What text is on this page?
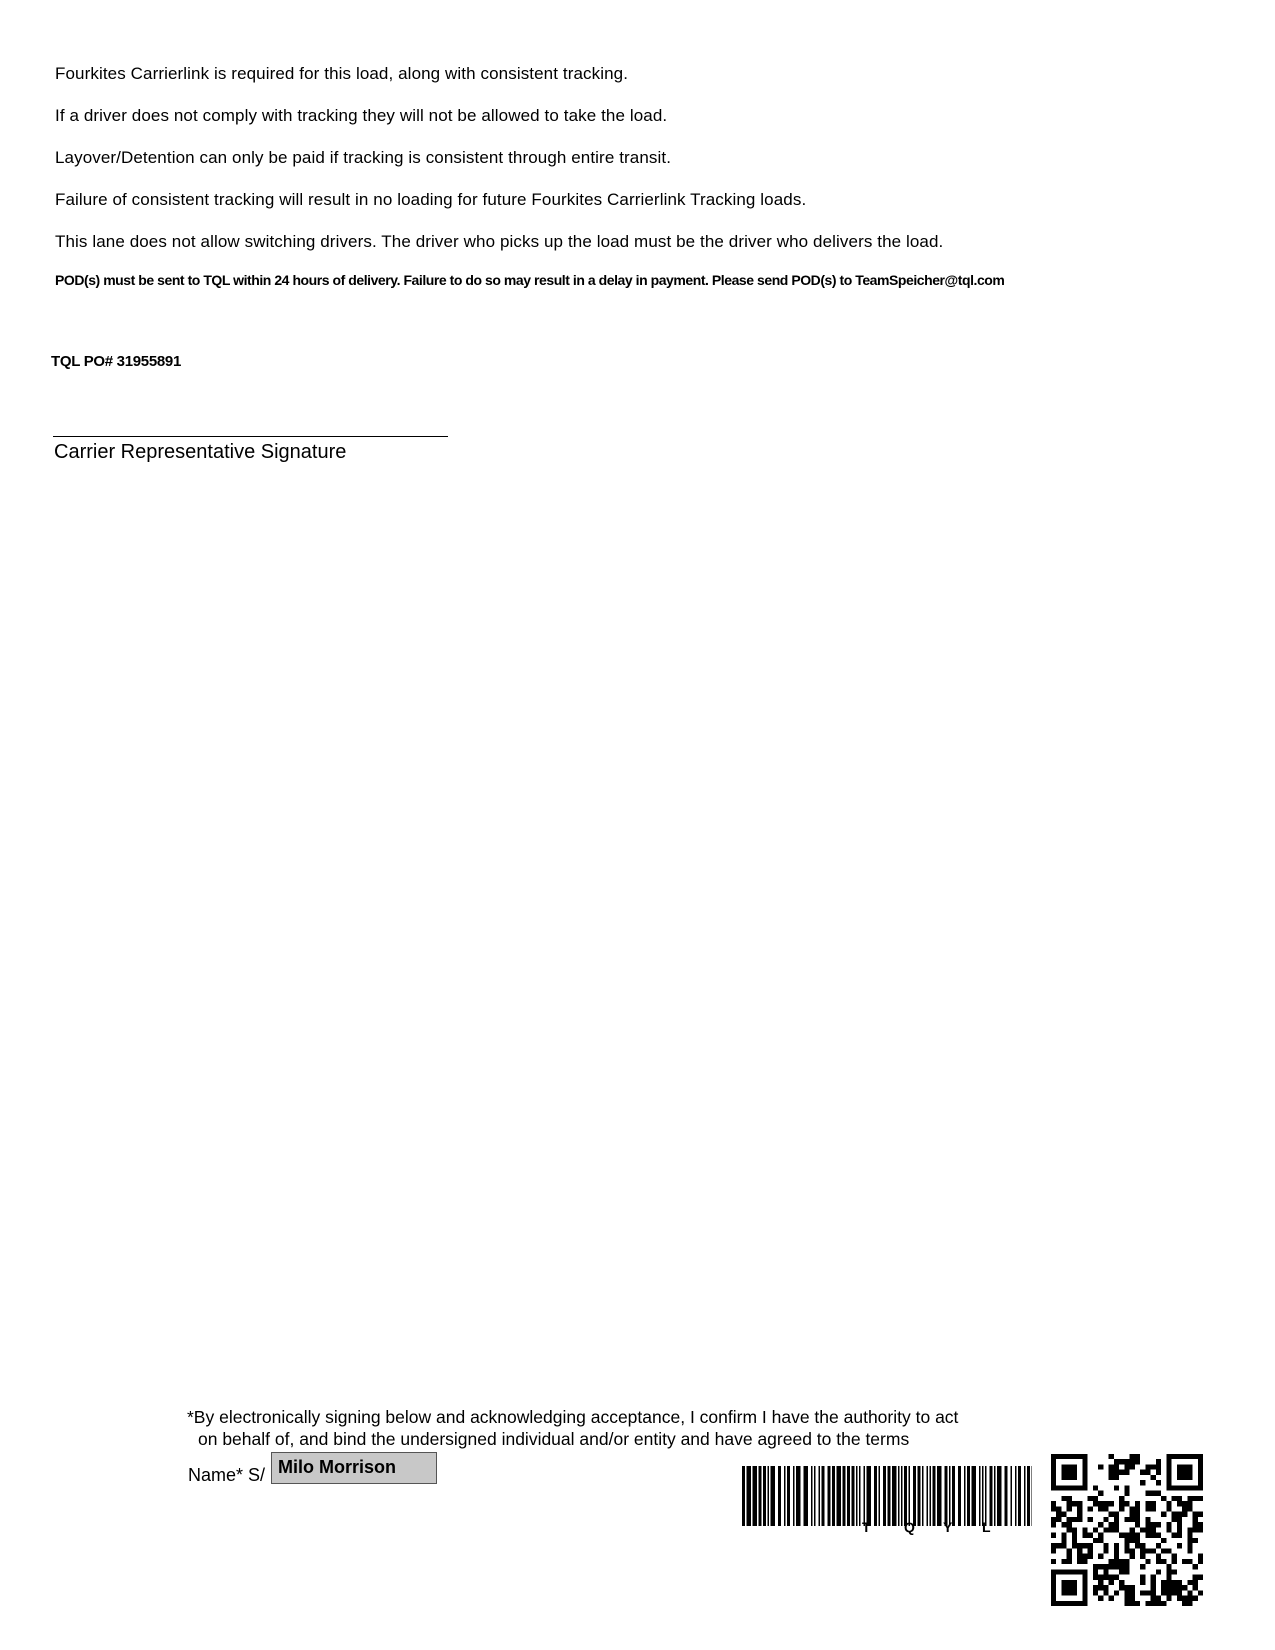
Fourkites Carrierlink is required for this load, along with consistent tracking.
If a driver does not comply with tracking they will not be allowed to take the load.
Layover/Detention can only be paid if tracking is consistent through entire transit.
Failure of consistent tracking will result in no loading for future Fourkites Carrierlink Tracking loads.
This lane does not allow switching drivers. The driver who picks up the load must be the driver who delivers the load.
POD(s) must be sent to TQL within 24 hours of delivery. Failure to do so may result in a delay in payment. Please send POD(s) to TeamSpeicher@tql.com
TQL PO# 31955891
Carrier Representative Signature
*By electronically signing below and acknowledging acceptance, I confirm I have the authority to act
on behalf of, and bind the undersigned individual and/or entity and have agreed to the terms
Name* S/ Milo Morrison
T Q Y L
